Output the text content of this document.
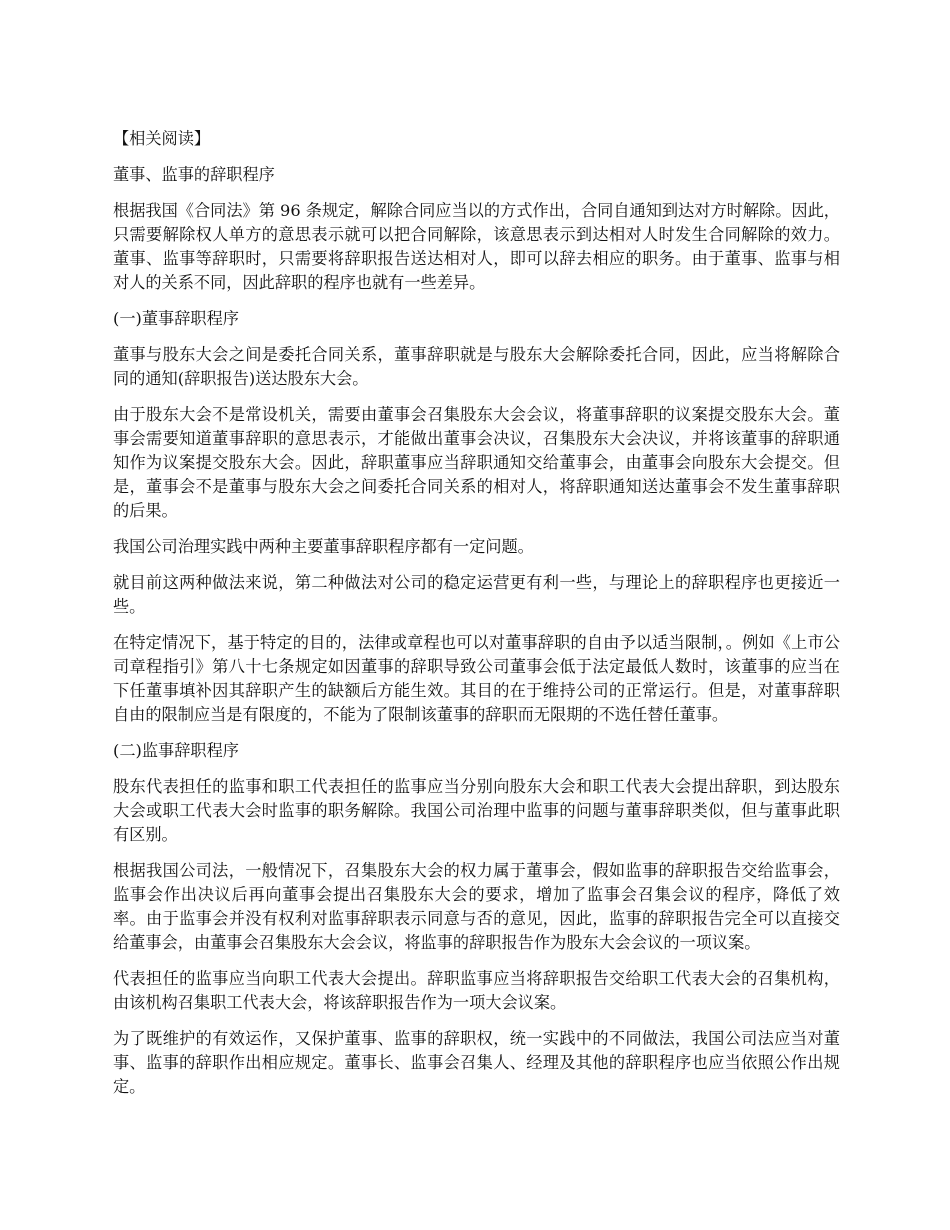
【相关阅读】

董事、监事的辞职程序

根据我国《合同法》第 96 条规定，解除合同应当以的方式作出，合同自通知到达对方时解除。因此，只需要解除权人单方的意思表示就可以把合同解除，该意思表示到达相对人时发生合同解除的效力。董事、监事等辞职时，只需要将辞职报告送达相对人，即可以辞去相应的职务。由于董事、监事与相对人的关系不同，因此辞职的程序也就有一些差异。

(一)董事辞职程序

董事与股东大会之间是委托合同关系，董事辞职就是与股东大会解除委托合同，因此，应当将解除合同的通知(辞职报告)送达股东大会。

由于股东大会不是常设机关，需要由董事会召集股东大会会议，将董事辞职的议案提交股东大会。董事会需要知道董事辞职的意思表示，才能做出董事会决议，召集股东大会决议，并将该董事的辞职通知作为议案提交股东大会。因此，辞职董事应当辞职通知交给董事会，由董事会向股东大会提交。但是，董事会不是董事与股东大会之间委托合同关系的相对人，将辞职通知送达董事会不发生董事辞职的后果。

我国公司治理实践中两种主要董事辞职程序都有一定问题。

就目前这两种做法来说，第二种做法对公司的稳定运营更有利一些，与理论上的辞职程序也更接近一些。

在特定情况下，基于特定的目的，法律或章程也可以对董事辞职的自由予以适当限制，。例如《上市公司章程指引》第八十七条规定如因董事的辞职导致公司董事会低于法定最低人数时，该董事的应当在下任董事填补因其辞职产生的缺额后方能生效。其目的在于维持公司的正常运行。但是，对董事辞职自由的限制应当是有限度的，不能为了限制该董事的辞职而无限期的不选任替任董事。

(二)监事辞职程序

股东代表担任的监事和职工代表担任的监事应当分别向股东大会和职工代表大会提出辞职，到达股东大会或职工代表大会时监事的职务解除。我国公司治理中监事的问题与董事辞职类似，但与董事此职有区别。

根据我国公司法，一般情况下，召集股东大会的权力属于董事会，假如监事的辞职报告交给监事会，监事会作出决议后再向董事会提出召集股东大会的要求，增加了监事会召集会议的程序，降低了效率。由于监事会并没有权利对监事辞职表示同意与否的意见，因此，监事的辞职报告完全可以直接交给董事会，由董事会召集股东大会会议，将监事的辞职报告作为股东大会会议的一项议案。

代表担任的监事应当向职工代表大会提出。辞职监事应当将辞职报告交给职工代表大会的召集机构，由该机构召集职工代表大会，将该辞职报告作为一项大会议案。

为了既维护的有效运作，又保护董事、监事的辞职权，统一实践中的不同做法，我国公司法应当对董事、监事的辞职作出相应规定。董事长、监事会召集人、经理及其他的辞职程序也应当依照公作出规定。
